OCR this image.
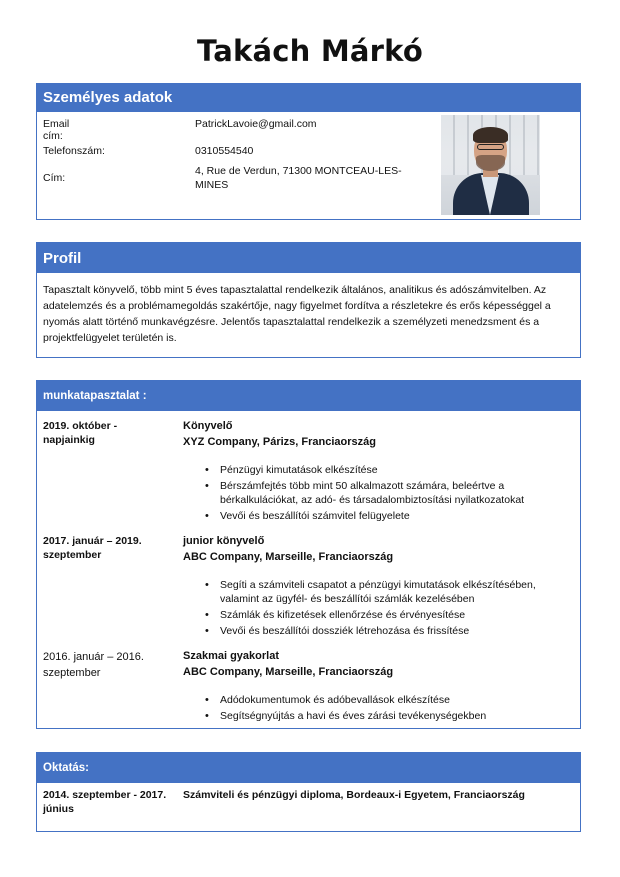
Takách Márkó
Személyes adatok
Email cím:
PatrickLavoie@gmail.com
Telefonszám:	0310554540
Cím:
4, Rue de Verdun, 71300 MONTCEAU-LES-MINES
Profil
Tapasztalt könyvelő, több mint 5 éves tapasztalattal rendelkezik általános, analitikus és adószámvitelben. Az adatelemzés és a problémamegoldás szakértője, nagy figyelmet fordítva a részletekre és erős képességgel a nyomás alatt történő munkavégzésre. Jelentős tapasztalattal rendelkezik a személyzeti menedzsment és a projektfelügyelet területén is.
munkatapasztalat :
2019. október - napjainkig
Könyvelő
XYZ Company, Párizs, Franciaország
• Pénzügyi kimutatások elkészítése
• Bérszámfejtés több mint 50 alkalmazott számára, beleértve a bérkalkulációkat, az adó- és társadalombiztosítási nyilatkozatokat
• Vevői és beszállítói számvitel felügyelete
2017. január – 2019. szeptember
junior könyvelő
ABC Company, Marseille, Franciaország
• Segíti a számviteli csapatot a pénzügyi kimutatások elkészítésében, valamint az ügyfél- és beszállítói számlák kezelésében
• Számlák és kifizetések ellenőrzése és érvényesítése
• Vevői és beszállítói dossziék létrehozása és frissítése
2016. január – 2016. szeptember
Szakmai gyakorlat
ABC Company, Marseille, Franciaország
• Adódokumentumok és adóbevallások elkészítése
• Segítségnyújtás a havi és éves zárási tevékenységekben
Oktatás:
2014. szeptember - 2017. június
Számviteli és pénzügyi diploma, Bordeaux-i Egyetem, Franciaország
